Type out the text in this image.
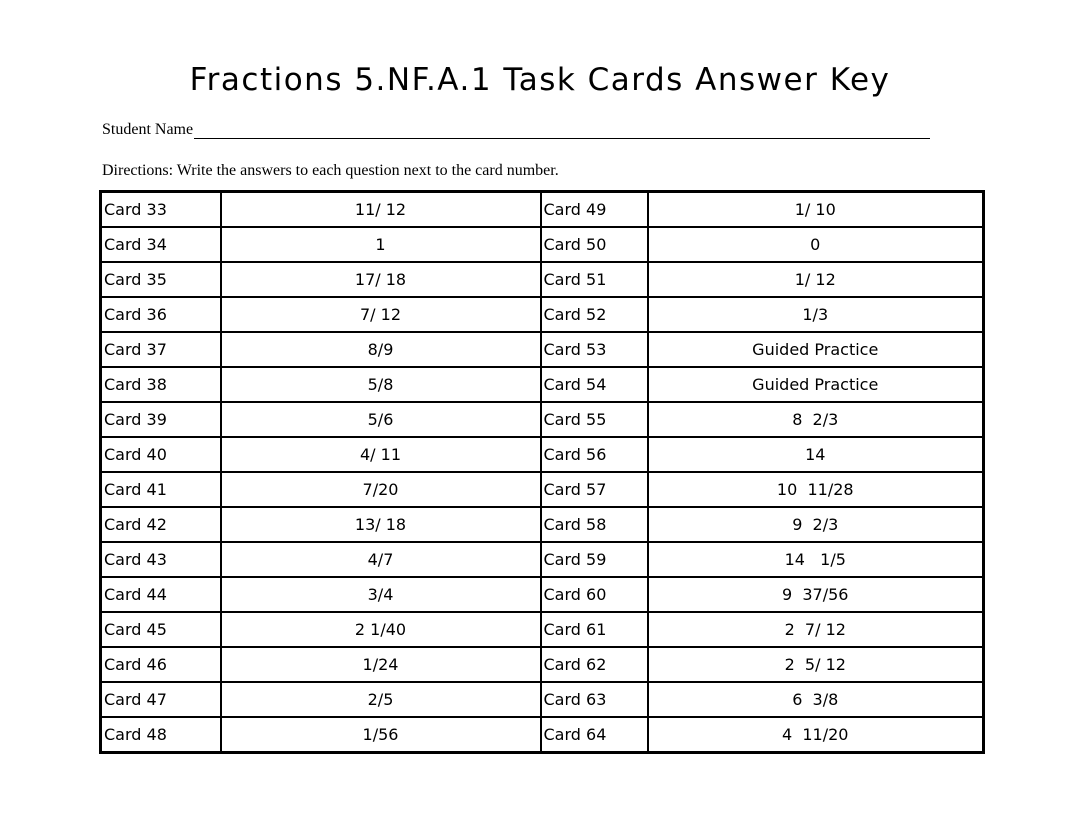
Fractions 5.NF.A.1 Task Cards Answer Key
Student Name
Directions: Write the answers to each question next to the card number.
Card 33	11/ 12	Card 49	1/ 10
Card 34	1	Card 50	0
Card 35	17/ 18	Card 51	1/ 12
Card 36	7/ 12	Card 52	1/3
Card 37	8/9	Card 53	Guided Practice
Card 38	5/8	Card 54	Guided Practice
Card 39	5/6	Card 55	8  2/3
Card 40	4/ 11	Card 56	14
Card 41	7/20	Card 57	10  11/28
Card 42	13/ 18	Card 58	9  2/3
Card 43	4/7	Card 59	14   1/5
Card 44	3/4	Card 60	9  37/56
Card 45	2 1/40	Card 61	2  7/ 12
Card 46	1/24	Card 62	2  5/ 12
Card 47	2/5	Card 63	6  3/8
Card 48	1/56	Card 64	4  11/20
